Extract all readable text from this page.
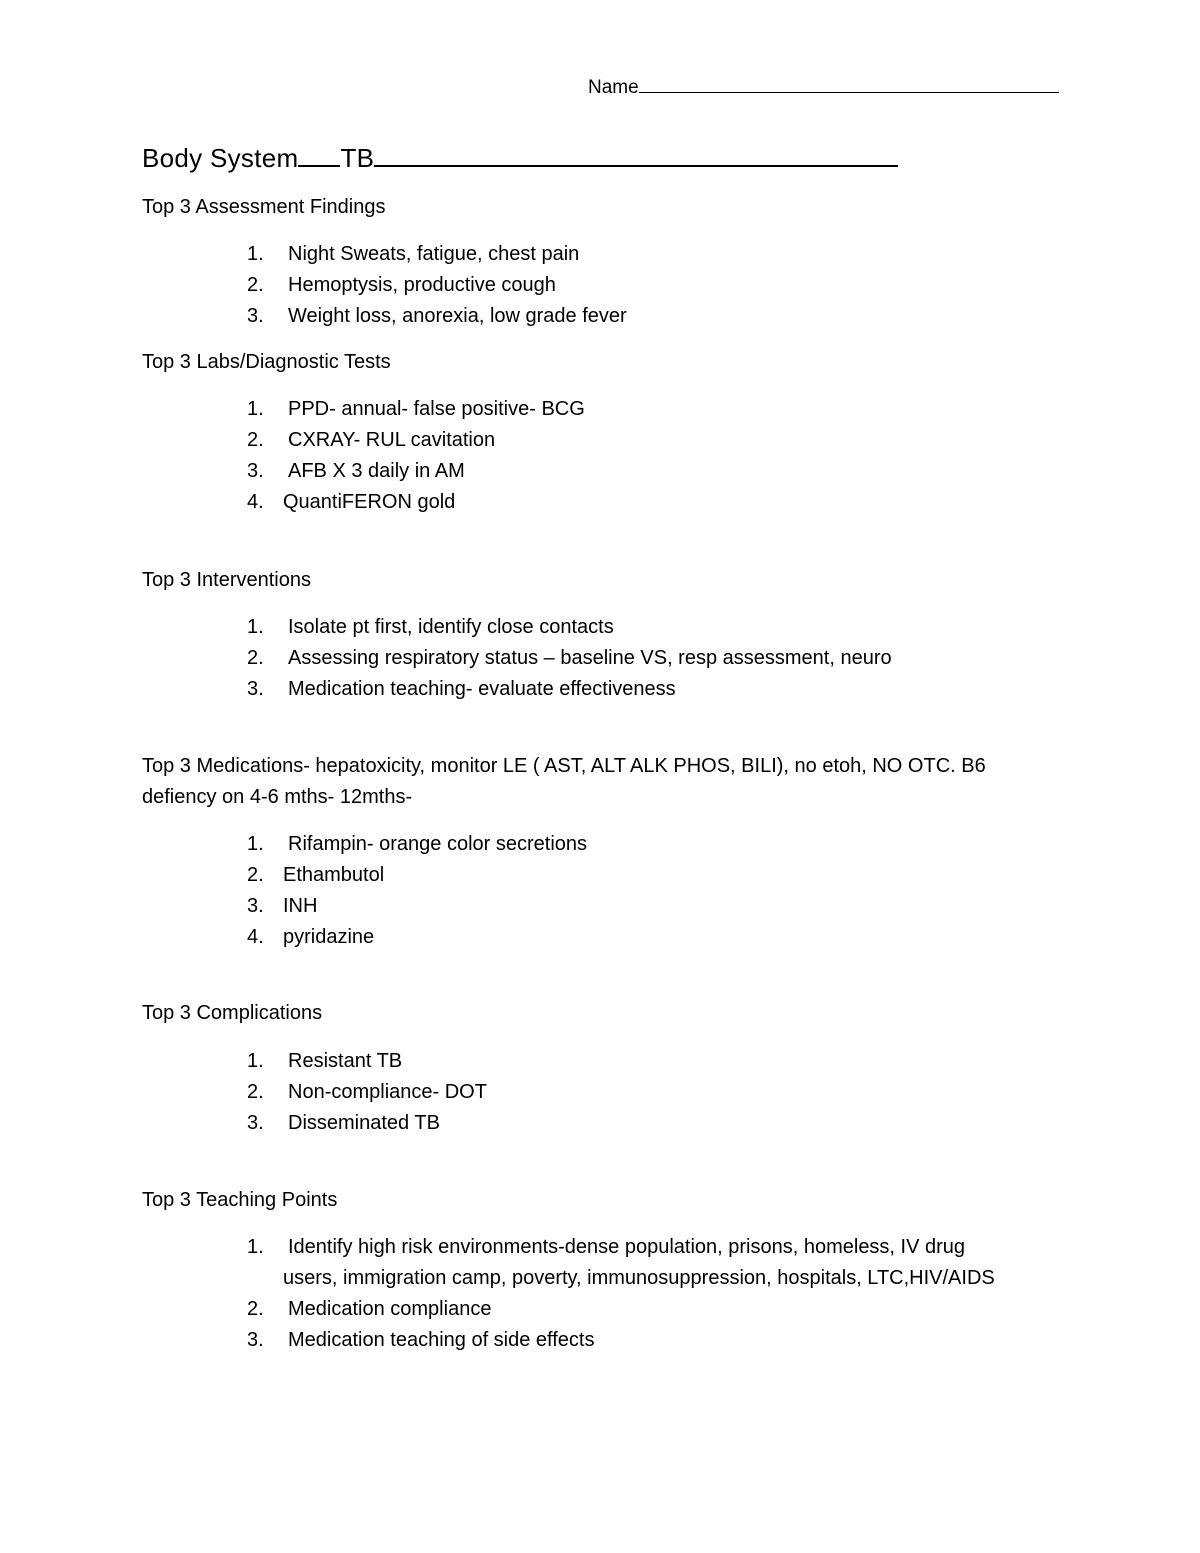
Name
Body System TB
Top 3 Assessment Findings
1. Night Sweats, fatigue, chest pain
2. Hemoptysis, productive cough
3. Weight loss, anorexia, low grade fever
Top 3 Labs/Diagnostic Tests
1. PPD- annual- false positive- BCG
2. CXRAY- RUL cavitation
3. AFB X 3 daily in AM
4. QuantiFERON gold
Top 3 Interventions
1. Isolate pt first, identify close contacts
2. Assessing respiratory status – baseline VS, resp assessment, neuro
3. Medication teaching- evaluate effectiveness
Top 3 Medications- hepatoxicity, monitor LE ( AST, ALT ALK PHOS, BILI), no etoh, NO OTC. B6
defiency on 4-6 mths- 12mths-
1. Rifampin- orange color secretions
2. Ethambutol
3. INH
4. pyridazine
Top 3 Complications
1. Resistant TB
2. Non-compliance- DOT
3. Disseminated TB
Top 3 Teaching Points
1. Identify high risk environments-dense population, prisons, homeless, IV drug
users, immigration camp, poverty, immunosuppression, hospitals, LTC,HIV/AIDS
2. Medication compliance
3. Medication teaching of side effects
